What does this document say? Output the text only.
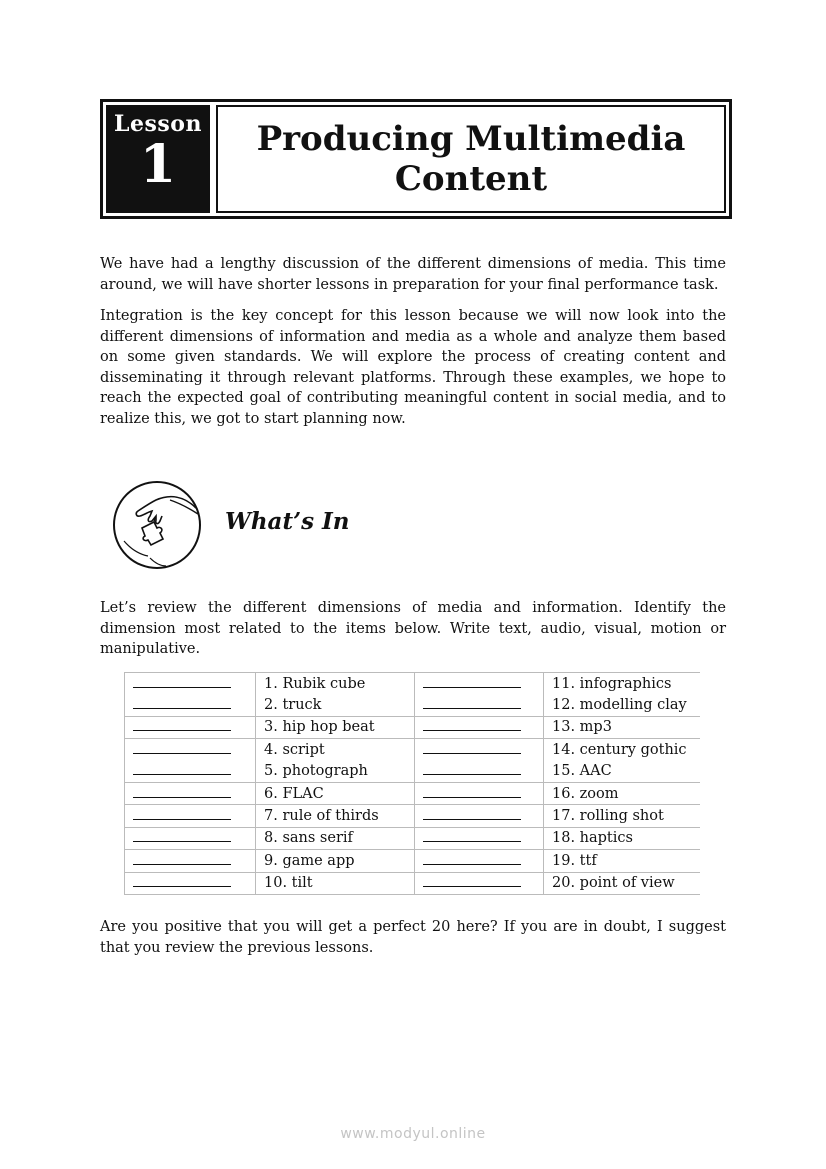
Lesson
1	Producing Multimedia Content

We have had a lengthy discussion of the different dimensions of media. This time around, we will have shorter lessons in preparation for your final performance task.

Integration is the key concept for this lesson because we will now look into the different dimensions of information and media as a whole and analyze them based on some given standards. We will explore the process of creating content and disseminating it through relevant platforms. Through these examples, we hope to reach the expected goal of contributing meaningful content in social media, and to realize this, we got to start planning now.

What’s In

Let’s review the different dimensions of media and information. Identify the dimension most related to the items below. Write text, audio, visual, motion or manipulative.

	1. Rubik cube		11. infographics
	2. truck		12. modelling clay
	3. hip hop beat		13. mp3
	4. script		14. century gothic
	5. photograph		15. AAC
	6. FLAC		16. zoom
	7. rule of thirds		17. rolling shot
	8. sans serif		18. haptics
	9. game app		19. ttf
	10. tilt		20. point of view

Are you positive that you will get a perfect 20 here? If you are in doubt, I suggest that you review the previous lessons.

www.modyul.online
